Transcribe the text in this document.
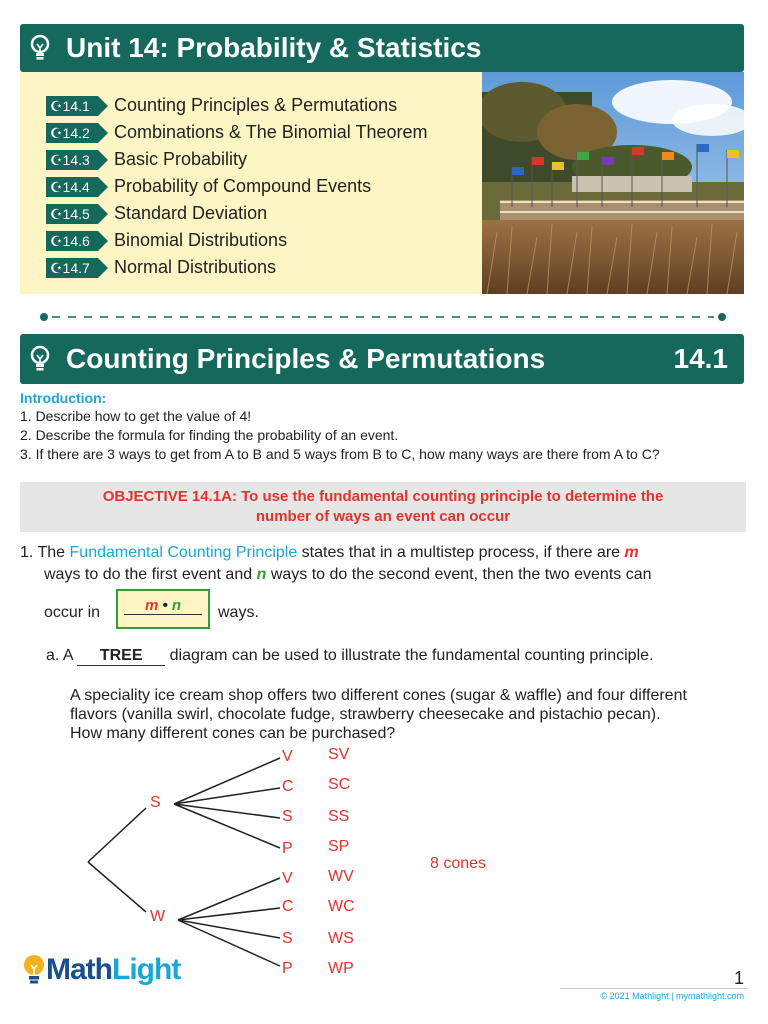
Unit 14: Probability & Statistics
☪14.1	Counting Principles & Permutations
☪14.2	Combinations & The Binomial Theorem
☪14.3	Basic Probability
☪14.4	Probability of Compound Events
☪14.5	Standard Deviation
☪14.6	Binomial Distributions
☪14.7	Normal Distributions
Counting Principles & Permutations	14.1
Introduction:
1. Describe how to get the value of 4!
2. Describe the formula for finding the probability of an event.
3. If there are 3 ways to get from A to B and 5 ways from B to C, how many ways are there from A to C?
OBJECTIVE 14.1A: To use the fundamental counting principle to determine the
number of ways an event can occur
1. The Fundamental Counting Principle states that in a multistep process, if there are m
ways to do the first event and n ways to do the second event, then the two events can
occur in	m • n	ways.
a. A TREE diagram can be used to illustrate the fundamental counting principle.
A speciality ice cream shop offers two different cones (sugar & waffle) and four different
flavors (vanilla swirl, chocolate fudge, strawberry cheesecake and pistachio pecan).
How many different cones can be purchased?
S
W
V
C
S
P
V
C
S
P
SV
SC
SS
SP
WV
WC
WS
WP
8 cones
MathLight	1
© 2021 Mathlight | mymathlight.com
